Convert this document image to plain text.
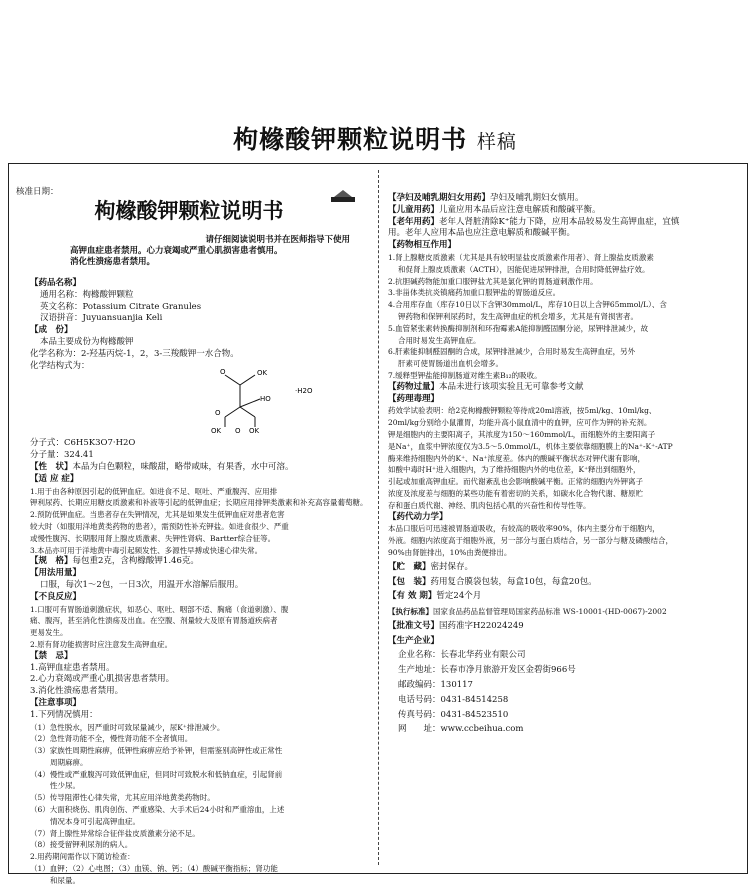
枸橼酸钾颗粒说明书 样稿
核准日期：
枸橼酸钾颗粒说明书
请仔细阅读说明书并在医师指导下使用
高钾血症患者禁用。心力衰竭或严重心肌损害患者慎用。
消化性溃疡患者禁用。
【药品名称】
通用名称：枸橼酸钾颗粒
英文名称：Potassium Citrate Granules
汉语拼音：Juyuansuanjia Keli
【成　份】
本品主要成份为枸橼酸钾
化学名称为：2-羟基丙烷-1，2，3-三羧酸钾一水合物。
化学结构式为：
分子式：C6H5K3O7·H2O
分子量：324.41
【性　状】本品为白色颗粒，味酸甜，略带咸味，有果香，水中可溶。
【适 应 症】
1.用于由各种原因引起的低钾血症。如进食不足、呕吐、严重腹泻、应用排
钾利尿药、长期应用糖皮质激素和补液等引起的低钾血症；长期应用排钾类激素和补充高容量葡萄糖。
2.预防低钾血症。当患者存在失钾情况，尤其是如果发生低钾血症对患者危害
较大时（如服用洋地黄类药物的患者），需预防性补充钾盐。如进食很少、严重
或慢性腹泻、长期服用肾上腺皮质激素、失钾性肾病、Bartter综合征等。
3.本品亦可用于洋地黄中毒引起频发性、多源性早搏或快速心律失常。
【规　格】每包重2克，含枸橼酸钾1.46克。
【用法用量】
口服，每次1～2包，一日3次，用温开水溶解后服用。
【不良反应】
1.口服可有胃肠道刺激症状，如恶心、呕吐、咽部不适、胸痛（食道刺激）、腹
痛、腹泻，甚至消化性溃疡及出血。在空腹、剂量较大及原有胃肠道疾病者
更易发生。
2.原有肾功能损害时应注意发生高钾血症。
【禁　忌】
1.高钾血症患者禁用。
2.心力衰竭或严重心肌损害患者禁用。
3.消化性溃疡患者禁用。
【注意事项】
1.下列情况慎用：
（1）急性脱水，因严重时可致尿量减少，尿K⁺排泄减少。
（2）急性肾功能不全，慢性肾功能不全者慎用。
（3）家族性周期性麻痹，低钾性麻痹应给予补钾，但需鉴别高钾性或正常性
周期麻痹。
（4）慢性或严重腹泻可致低钾血症，但同时可致脱水和低钠血症，引起肾前
性少尿。
（5）传导阻滞性心律失常，尤其应用洋地黄类药物时。
（6）大面积烧伤、肌肉创伤、严重感染、大手术后24小时和严重溶血，上述
情况本身可引起高钾血症。
（7）肾上腺性异常综合征伴盐皮质激素分泌不足。
（8）接受留钾利尿剂的病人。
2.用药期间需作以下随访检查：
（1）血钾；（2）心电图；（3）血镁、钠、钙；（4）酸碱平衡指标；肾功能
和尿量。
OK
O
OK	OK
O
O
·H2O
HO
【孕妇及哺乳期妇女用药】孕妇及哺乳期妇女慎用。
【儿童用药】儿童应用本品后应注意电解质和酸碱平衡。
【老年用药】老年人肾脏清除K⁺能力下降，应用本品较易发生高钾血症，宜慎
用。老年人应用本品也应注意电解质和酸碱平衡。
【药物相互作用】
1.肾上腺糖皮质激素（尤其是具有较明显盐皮质激素作用者）、肾上腺盐皮质激素
和促肾上腺皮质激素（ACTH），因能促进尿钾排泄，合用时降低钾盐疗效。
2.抗胆碱药物能加重口服钾盐尤其是氯化钾的胃肠道刺激作用。
3.非甾体类抗炎镇痛药加重口服钾盐的胃肠道反应。
4.合用库存血（库存10日以下含钾30mmol/L，库存10日以上含钾65mmol/L）、含
钾药物和保钾利尿药时，发生高钾血症的机会增多，尤其是有肾损害者。
5.血管紧张素转换酶抑制剂和环孢霉素A能抑制醛固酮分泌，尿钾排泄减少，故
合用时易发生高钾血症。
6.肝素能抑制醛固酮的合成，尿钾排泄减少，合用时易发生高钾血症，另外
肝素可使胃肠道出血机会增多。
7.缓释型钾盐能抑制肠道对维生素B₁₂的吸收。
【药物过量】本品未进行该项实验且无可靠参考文献
【药理毒理】
药效学试验表明：给2克枸橼酸钾颗粒等待成20ml溶液，按5ml/kg、10ml/kg、
20ml/kg分别给小鼠灌胃，均能升高小鼠血清中的血钾，应可作为钾的补充剂。
钾是细胞内的主要阳离子，其浓度为150～160mmol/L，而细胞外的主要阳离子
是Na⁺，血浆中钾浓度仅为3.5～5.0mmol/L，机体主要依靠细胞膜上的Na⁺-K⁺-ATP
酶来维持细胞内外的K⁺、Na⁺浓度差。体内的酸碱平衡状态对钾代谢有影响，
如酸中毒时H⁺进入细胞内，为了维持细胞内外的电位差，K⁺释出到细胞外，
引起或加重高钾血症。而代谢紊乱也会影响酸碱平衡。正常的细胞内外钾离子
浓度及浓度差与细胞的某些功能有着密切的关系，如碳水化合物代谢、糖原贮
存和蛋白质代谢、神经、肌肉包括心肌的兴奋性和传导性等。
【药代动力学】
本品口服后可迅速被胃肠道吸收，有较高的吸收率90%，体内主要分布于细胞内，
外液。细胞内浓度高于细胞外液，另一部分与蛋白质结合，另一部分与糖及磷酸结合，
90%由肾脏排出，10%由粪便排出。
【贮　藏】密封保存。
【包　装】药用复合膜袋包装，每盒10包，每盒20包。
【有 效 期】暂定24个月
【执行标准】国家食品药品监督管理局国家药品标准 WS-10001-(HD-0067)-2002
【批准文号】国药准字H22024249
【生产企业】
企业名称：长春北华药业有限公司
生产地址：长春市净月旅游开发区金碧街966号
邮政编码：130117
电话号码：0431-84514258
传真号码：0431-84523510
网　　址：www.ccbeihua.com
